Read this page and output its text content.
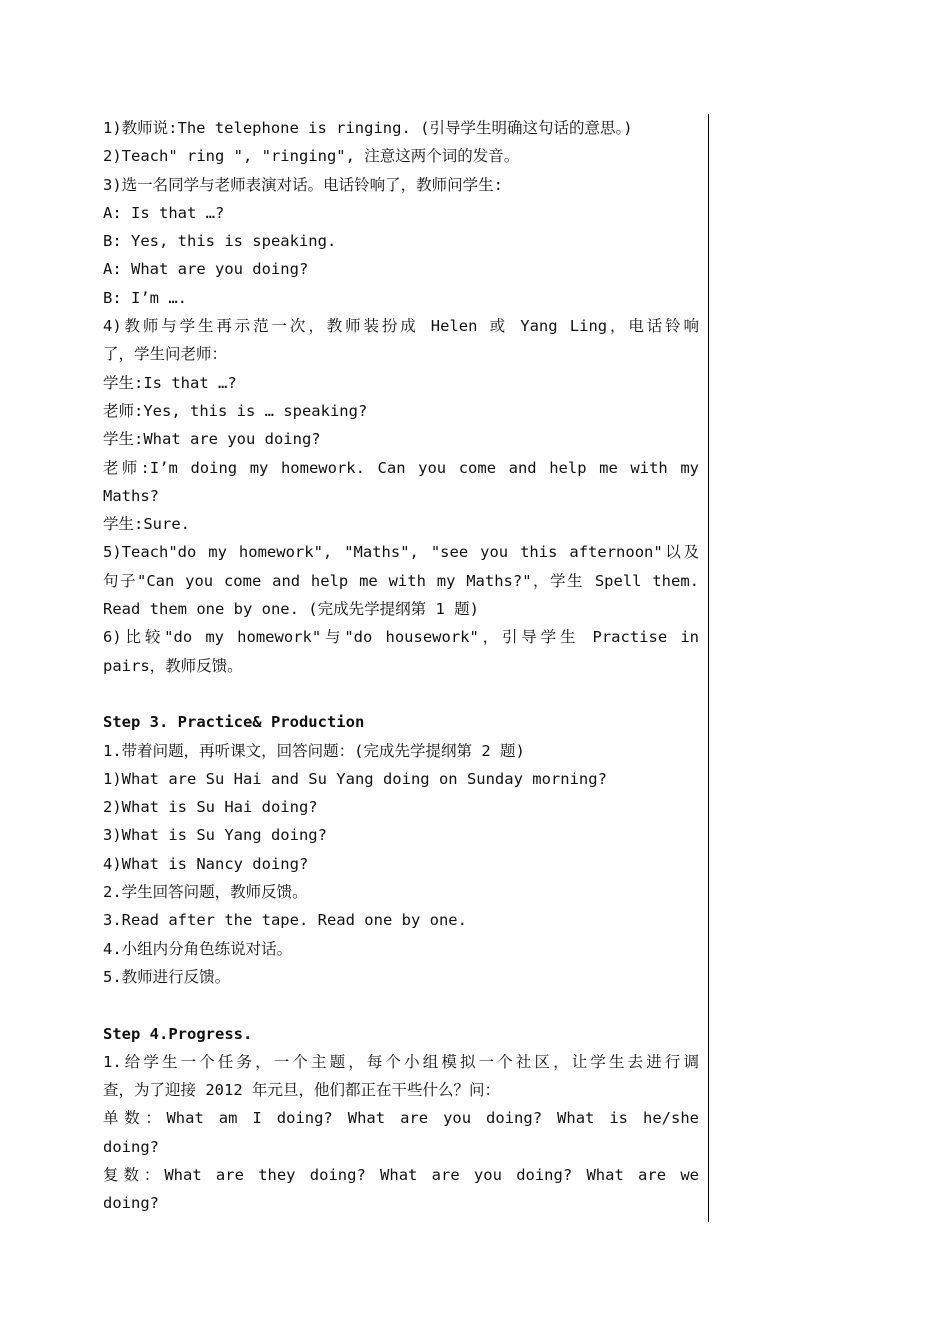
1)教师说:The telephone is ringing. (引导学生明确这句话的意思。)
2)Teach" ring ", "ringing", 注意这两个词的发音。
3)选一名同学与老师表演对话。电话铃响了，教师问学生:
A: Is that …?
B: Yes, this is speaking.
A: What are you doing?
B: I’m ….
4)教师与学生再示范一次，教师装扮成 Helen 或 Yang Ling，电话铃响
了，学生问老师：
学生:Is that …?
老师:Yes, this is … speaking?
学生:What are you doing?
老师:I’m doing my homework. Can you come and help me with my
Maths?
学生:Sure.
5)Teach"do my homework", "Maths", "see you this afternoon"以及
句子"Can you come and help me with my Maths?"，学生 Spell them.
Read them one by one. (完成先学提纲第 1 题)
6)比较"do my homework"与"do housework"，引导学生 Practise in
pairs，教师反馈。
Step 3. Practice& Production
1.带着问题，再听课文，回答问题：(完成先学提纲第 2 题)
1)What are Su Hai and Su Yang doing on Sunday morning?
2)What is Su Hai doing?
3)What is Su Yang doing?
4)What is Nancy doing?
2.学生回答问题，教师反馈。
3.Read after the tape. Read one by one.
4.小组内分角色练说对话。
5.教师进行反馈。
Step 4.Progress.
1.给学生一个任务，一个主题，每个小组模拟一个社区，让学生去进行调
查，为了迎接 2012 年元旦，他们都正在干些什么？问：
单数：What am I doing? What are you doing? What is he/she
doing?
复数：What are they doing? What are you doing? What are we
doing?
